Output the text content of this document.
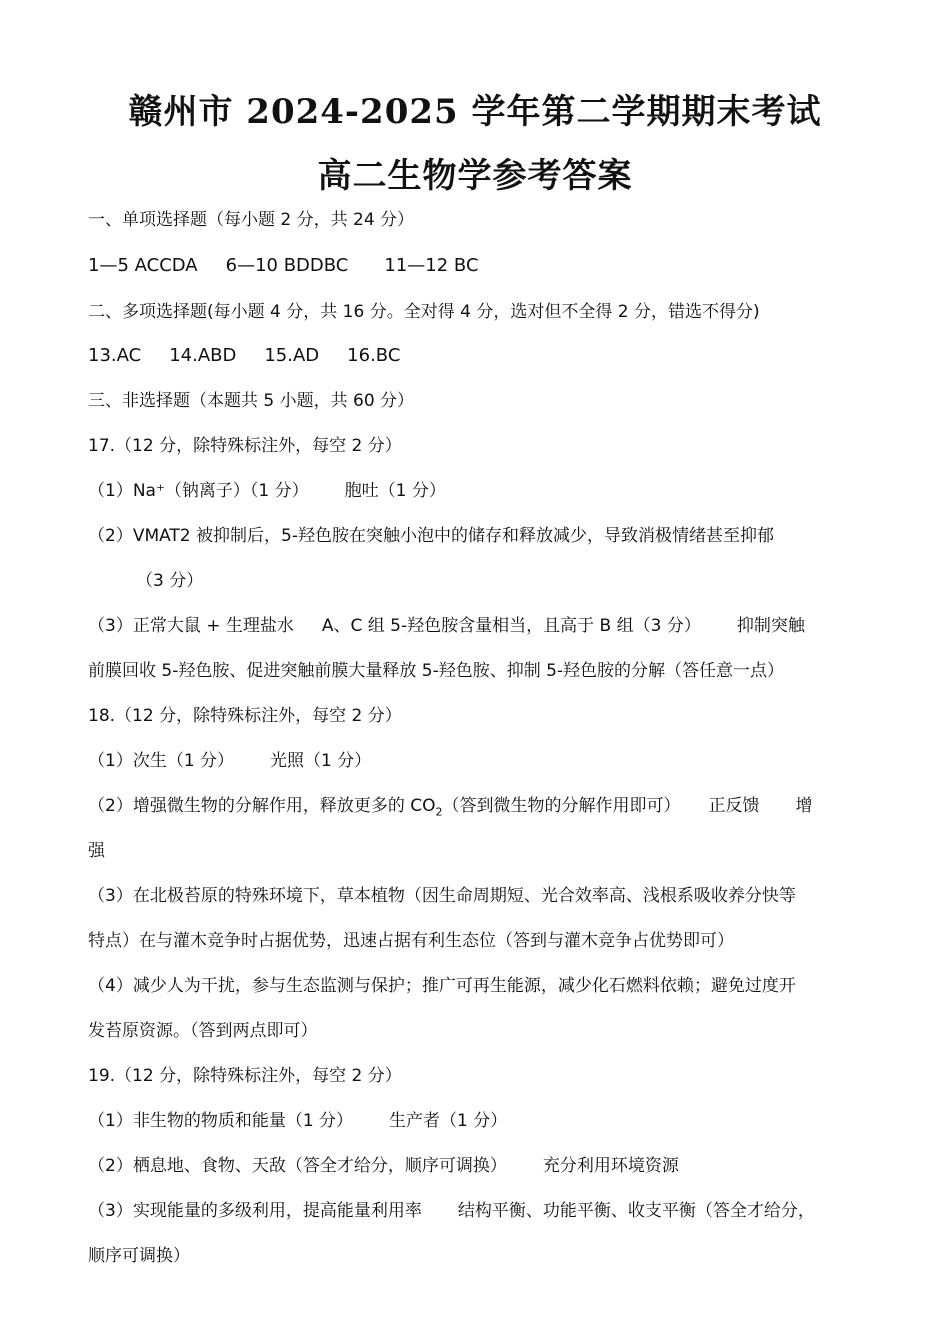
赣州市 2024-2025 学年第二学期期末考试
高二生物学参考答案
一、单项选择题（每小题 2 分，共 24 分）
1—5 ACCDA 6—10 BDDBC 11—12 BC
二、多项选择题(每小题 4 分，共 16 分。全对得 4 分，选对但不全得 2 分，错选不得分)
13.AC 14.ABD 15.AD 16.BC
三、非选择题（本题共 5 小题，共 60 分）
17.（12 分，除特殊标注外，每空 2 分）
（1）Na⁺（钠离子）（1 分） 胞吐（1 分）
（2）VMAT2 被抑制后，5-羟色胺在突触小泡中的储存和释放减少，导致消极情绪甚至抑郁
（3 分）
（3）正常大鼠 + 生理盐水 A、C 组 5-羟色胺含量相当，且高于 B 组（3 分） 抑制突触
前膜回收 5-羟色胺、促进突触前膜大量释放 5-羟色胺、抑制 5-羟色胺的分解（答任意一点）
18.（12 分，除特殊标注外，每空 2 分）
（1）次生（1 分） 光照（1 分）
（2）增强微生物的分解作用，释放更多的 $CO_2$（答到微生物的分解作用即可） 正反馈 增
强
（3）在北极苔原的特殊环境下，草本植物（因生命周期短、光合效率高、浅根系吸收养分快等
特点）在与灌木竞争时占据优势，迅速占据有利生态位（答到与灌木竞争占优势即可）
（4）减少人为干扰，参与生态监测与保护；推广可再生能源，减少化石燃料依赖；避免过度开
发苔原资源。（答到两点即可）
19.（12 分，除特殊标注外，每空 2 分）
（1）非生物的物质和能量（1 分） 生产者（1 分）
（2）栖息地、食物、天敌（答全才给分，顺序可调换） 充分利用环境资源
（3）实现能量的多级利用，提高能量利用率 结构平衡、功能平衡、收支平衡（答全才给分，
顺序可调换）
